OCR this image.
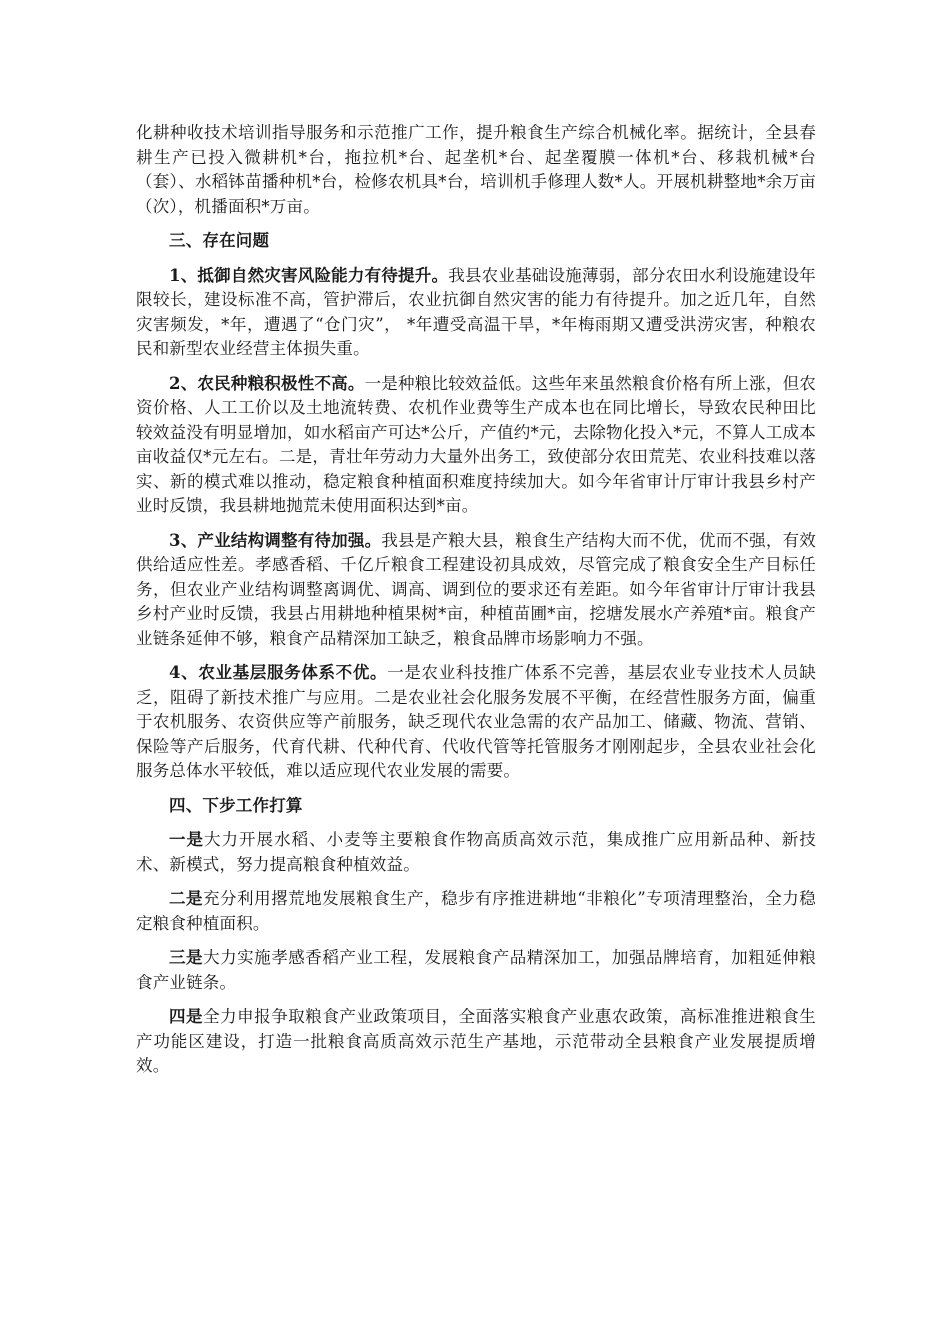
化耕种收技术培训指导服务和示范推广工作，提升粮食生产综合机械化率。据统计，全县春耕生产已投入微耕机*台，拖拉机*台、起垄机*台、起垄覆膜一体机*台、移栽机械*台（套）、水稻钵苗播种机*台，检修农机具*台，培训机手修理人数*人。开展机耕整地*余万亩（次），机播面积*万亩。

三、存在问题

1、抵御自然灾害风险能力有待提升。我县农业基础设施薄弱，部分农田水利设施建设年限较长，建设标准不高，管护滞后，农业抗御自然灾害的能力有待提升。加之近几年，自然灾害频发，*年，遭遇了“仓门灾”， *年遭受高温干旱，*年梅雨期又遭受洪涝灾害，种粮农民和新型农业经营主体损失重。

2、农民种粮积极性不高。一是种粮比较效益低。这些年来虽然粮食价格有所上涨，但农资价格、人工工价以及土地流转费、农机作业费等生产成本也在同比增长，导致农民种田比较效益没有明显增加，如水稻亩产可达*公斤，产值约*元，去除物化投入*元，不算人工成本亩收益仅*元左右。二是，青壮年劳动力大量外出务工，致使部分农田荒芜、农业科技难以落实、新的模式难以推动，稳定粮食种植面积难度持续加大。如今年省审计厅审计我县乡村产业时反馈，我县耕地抛荒未使用面积达到*亩。

3、产业结构调整有待加强。我县是产粮大县，粮食生产结构大而不优，优而不强，有效供给适应性差。孝感香稻、千亿斤粮食工程建设初具成效，尽管完成了粮食安全生产目标任务，但农业产业结构调整离调优、调高、调到位的要求还有差距。如今年省审计厅审计我县乡村产业时反馈，我县占用耕地种植果树*亩，种植苗圃*亩，挖塘发展水产养殖*亩。粮食产业链条延伸不够，粮食产品精深加工缺乏，粮食品牌市场影响力不强。

4、农业基层服务体系不优。一是农业科技推广体系不完善，基层农业专业技术人员缺乏，阻碍了新技术推广与应用。二是农业社会化服务发展不平衡，在经营性服务方面，偏重于农机服务、农资供应等产前服务，缺乏现代农业急需的农产品加工、储藏、物流、营销、保险等产后服务，代育代耕、代种代育、代收代管等托管服务才刚刚起步，全县农业社会化服务总体水平较低，难以适应现代农业发展的需要。

四、下步工作打算

一是大力开展水稻、小麦等主要粮食作物高质高效示范，集成推广应用新品种、新技术、新模式，努力提高粮食种植效益。

二是充分利用撂荒地发展粮食生产，稳步有序推进耕地“非粮化”专项清理整治，全力稳定粮食种植面积。

三是大力实施孝感香稻产业工程，发展粮食产品精深加工，加强品牌培育，加粗延伸粮食产业链条。

四是全力申报争取粮食产业政策项目，全面落实粮食产业惠农政策，高标准推进粮食生产功能区建设，打造一批粮食高质高效示范生产基地，示范带动全县粮食产业发展提质增效。
